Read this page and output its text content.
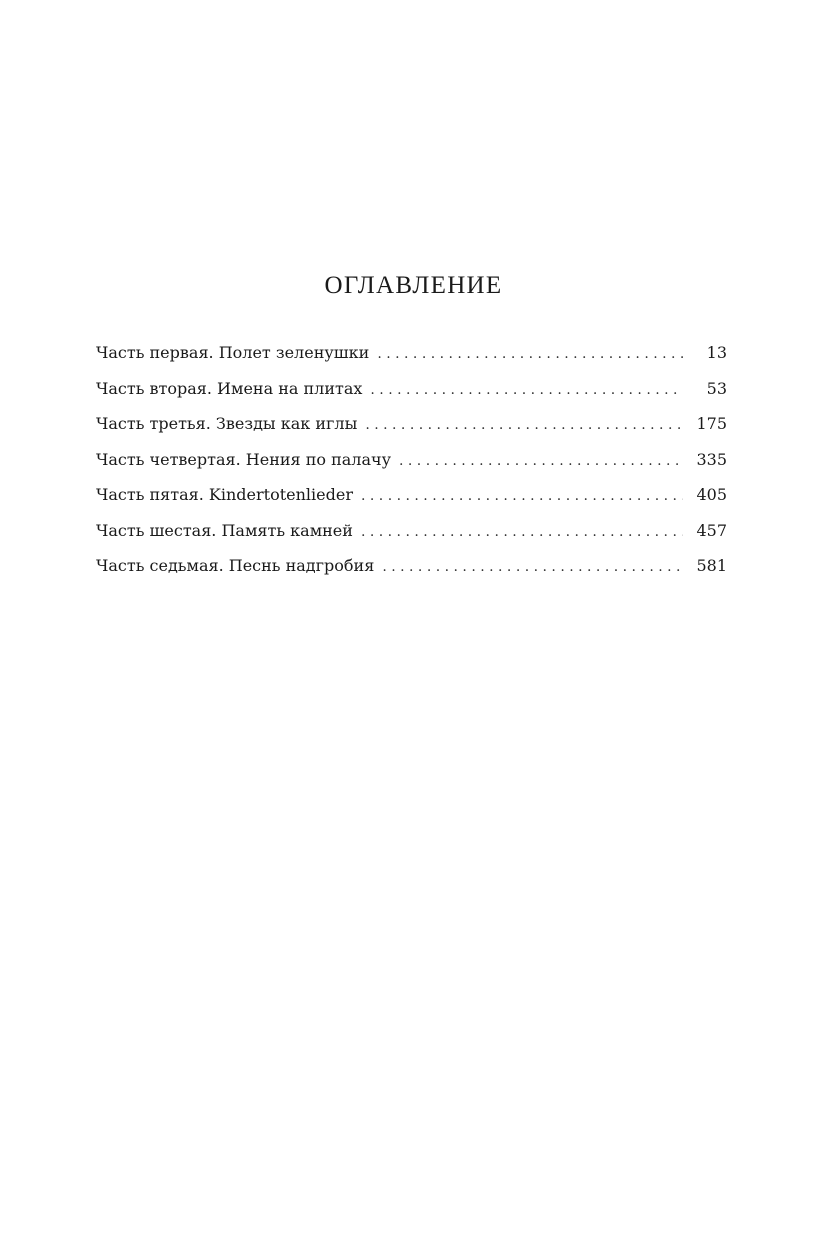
ОГЛАВЛЕНИЕ
Часть первая. Полет зеленушки . . .	13
Часть вторая. Имена на плитах . . .	53
Часть третья. Звезды как иглы . . .	175
Часть четвертая. Нения по палачу . . .	335
Часть пятая. Kindertotenlieder . . .	405
Часть шестая. Память камней . . .	457
Часть седьмая. Песнь надгробия . . .	581
